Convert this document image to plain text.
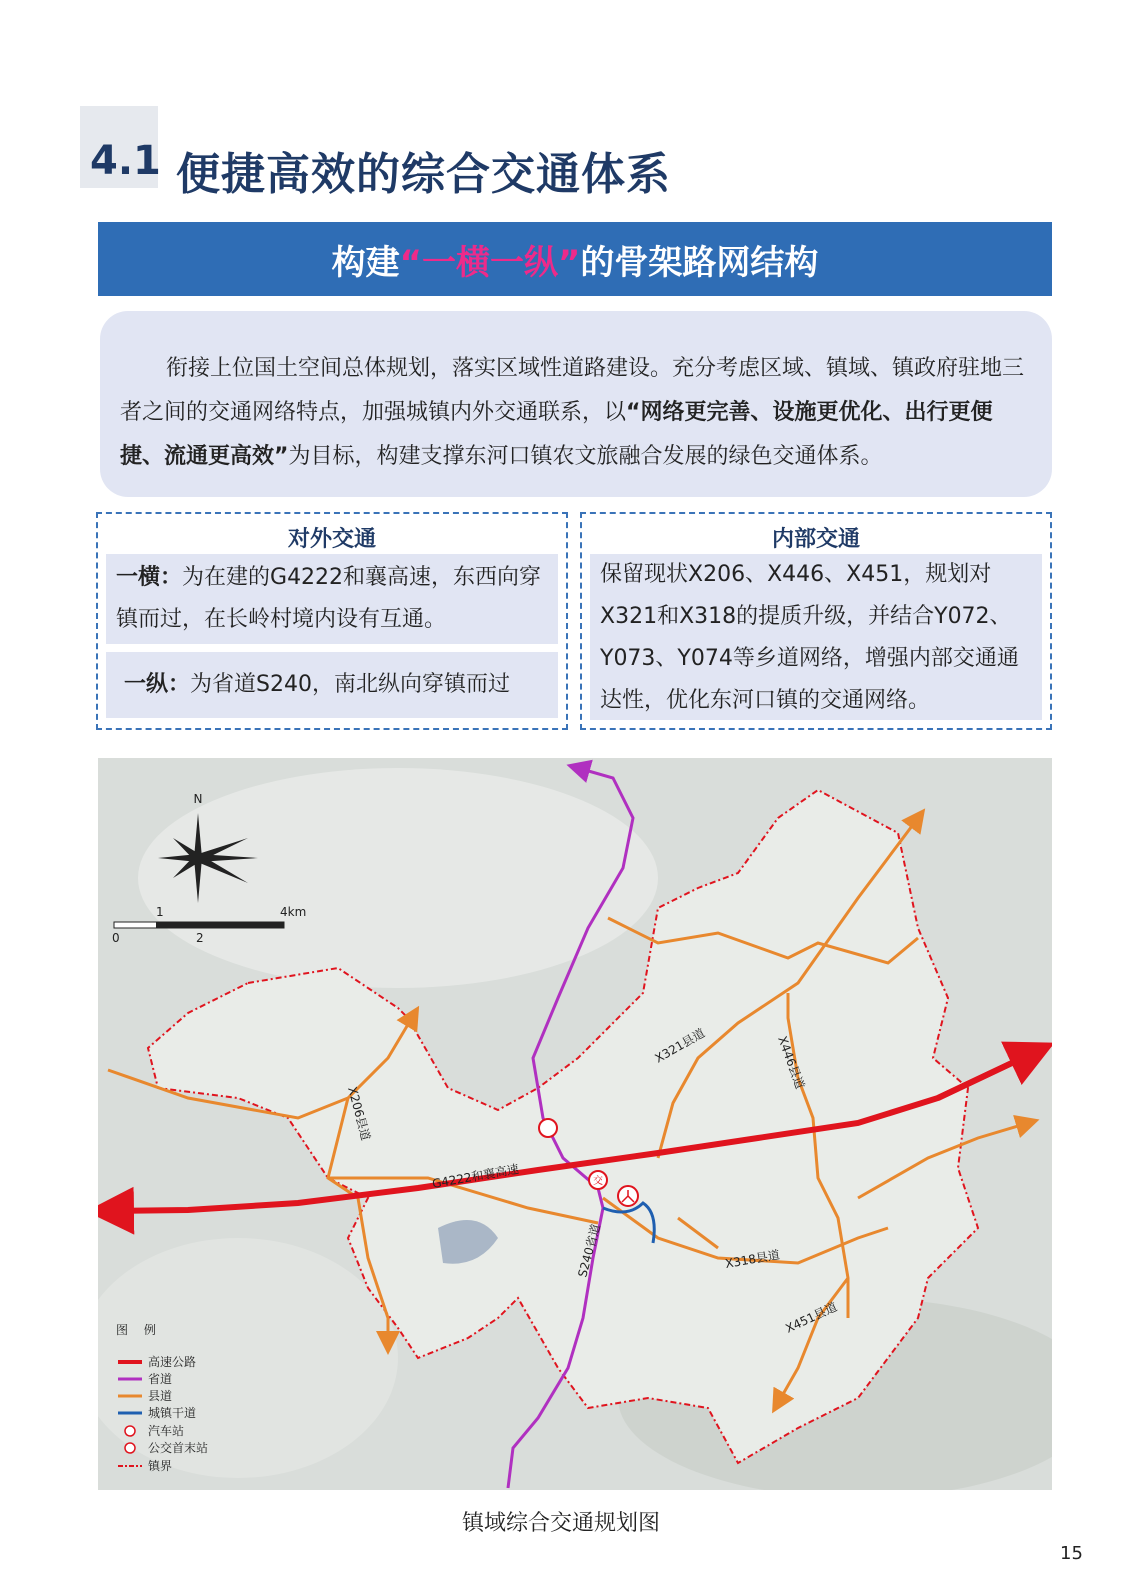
4.1 便捷高效的综合交通体系
构建 “一横一纵” 的骨架路网结构

衔接上位国土空间总体规划，落实区域性道路建设。充分考虑区域、镇域、镇政府驻地三者之间的交通网络特点，加强城镇内外交通联系，以“网络更完善、设施更优化、出行更便捷、流通更高效”为目标，构建支撑东河口镇农文旅融合发展的绿色交通体系。

对外交通
一横：为在建的G4222和襄高速，东西向穿镇而过，在长岭村境内设有互通。
一纵：为省道S240，南北纵向穿镇而过
内部交通
保留现状X206、X446、X451，规划对X321和X318的提质升级，并结合Y072、Y073、Y074等乡道网络，增强内部交通通达性，优化东河口镇的交通网络。
交
G4222和襄高速
S240省道
X206县道
X321县道	X446县道
X318县道
X451县道
N
1	4km
0	2
图 例
高速公路
省道
县道
城镇干道
汽车站
公交首末站
镇界
镇域综合交通规划图
15
